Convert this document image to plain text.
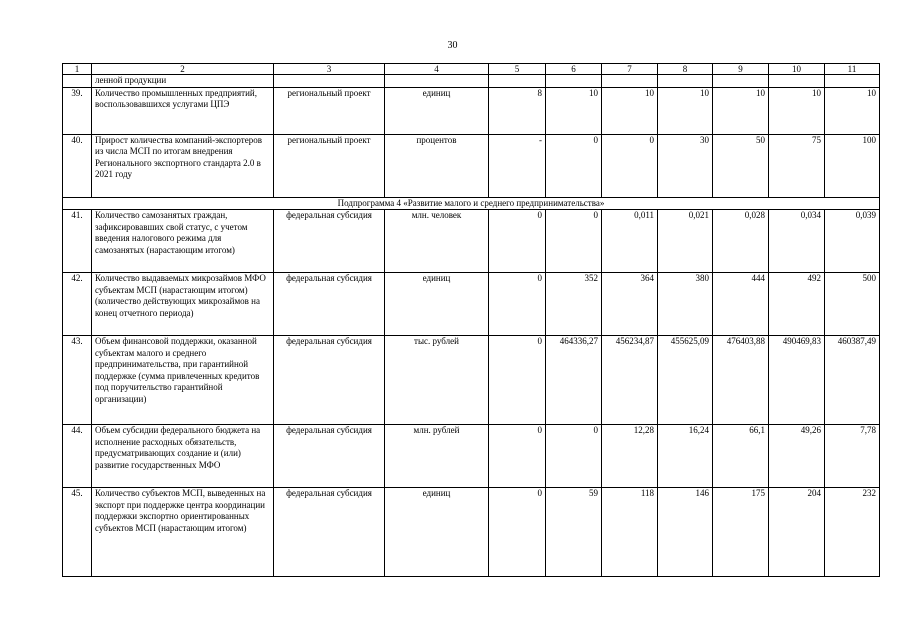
30
1	2	3	4	5	6	7	8	9	10	11
	ленной продукции									
39.	Количество промышленных предприятий, воспользовавшихся услугами ЦПЭ	региональный проект	единиц	8	10	10	10	10	10	10
40.	Прирост количества компаний-экспортеров из числа МСП по итогам внедрения Регионального экспортного стандарта 2.0 в 2021 году	региональный проект	процентов	-	0	0	30	50	75	100
Подпрограмма 4 «Развитие малого и среднего предпринимательства»										
41.	Количество самозанятых граждан, зафиксировавших свой статус, с учетом введения налогового режима для самозанятых (нарастающим итогом)	федеральная субсидия	млн. человек	0	0	0,011	0,021	0,028	0,034	0,039
42.	Количество выдаваемых микрозаймов МФО субъектам МСП (нарастающим итогом) (количество действующих микрозаймов на конец отчетного периода)	федеральная субсидия	единиц	0	352	364	380	444	492	500
43.	Объем финансовой поддержки, оказанной субъектам малого и среднего предпринимательства, при гарантийной поддержке (сумма привлеченных кредитов под поручительство гарантийной организации)	федеральная субсидия	тыс. рублей	0	464336,27	456234,87	455625,09	476403,88	490469,83	460387,49
44.	Объем субсидии федерального бюджета на исполнение расходных обязательств, предусматривающих создание и (или) развитие государственных МФО	федеральная субсидия	млн. рублей	0	0	12,28	16,24	66,1	49,26	7,78
45.	Количество субъектов МСП, выведенных на экспорт при поддержке центра координации поддержки экспортно ориентированных субъектов МСП (нарастающим итогом)	федеральная субсидия	единиц	0	59	118	146	175	204	232
